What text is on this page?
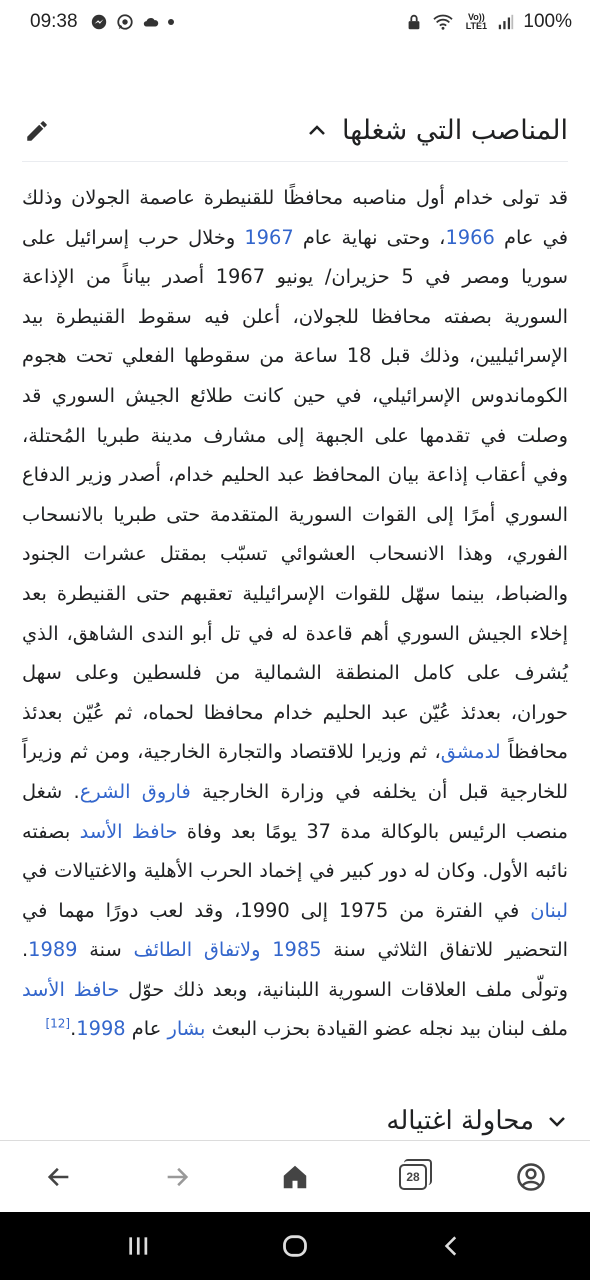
09:38	Vo)) LTE1 100%
المناصب التي شغلها
قد تولى خدام أول مناصبه محافظًا للقنيطرة عاصمة الجولان وذلك في عام 1966، وحتى نهاية عام 1967 وخلال حرب إسرائيل على سوريا ومصر في 5 حزيران/ يونيو 1967 أصدر بياناً من الإذاعة السورية بصفته محافظا للجولان، أعلن فيه سقوط القنيطرة بيد الإسرائيليين، وذلك قبل 18 ساعة من سقوطها الفعلي تحت هجوم الكوماندوس الإسرائيلي، في حين كانت طلائع الجيش السوري قد وصلت في تقدمها على الجبهة إلى مشارف مدينة طبريا المُحتلة، وفي أعقاب إذاعة بيان المحافظ عبد الحليم خدام، أصدر وزير الدفاع السوري أمرًا إلى القوات السورية المتقدمة حتى طبريا بالانسحاب الفوري، وهذا الانسحاب العشوائي تسبّب بمقتل عشرات الجنود والضباط، بينما سهّل للقوات الإسرائيلية تعقبهم حتى القنيطرة بعد إخلاء الجيش السوري أهم قاعدة له في تل أبو الندى الشاهق، الذي يُشرف على كامل المنطقة الشمالية من فلسطين وعلى سهل حوران، بعدئذ عُيّن عبد الحليم خدام محافظا لحماه، ثم عُيّن بعدئذ محافظاً لدمشق، ثم وزيرا للاقتصاد والتجارة الخارجية، ومن ثم وزيراً للخارجية قبل أن يخلفه في وزارة الخارجية فاروق الشرع. شغل منصب الرئيس بالوكالة مدة 37 يومًا بعد وفاة حافظ الأسد بصفته نائبه الأول. وكان له دور كبير في إخماد الحرب الأهلية والاغتيالات في لبنان في الفترة من 1975 إلى 1990، وقد لعب دورًا مهما في التحضير للاتفاق الثلاثي سنة 1985 ولاتفاق الطائف سنة 1989. وتولّى ملف العلاقات السورية اللبنانية، وبعد ذلك حوّل حافظ الأسد ملف لبنان بيد نجله عضو القيادة بحزب البعث بشار عام 1998.[12]
محاولة اغتياله
28
